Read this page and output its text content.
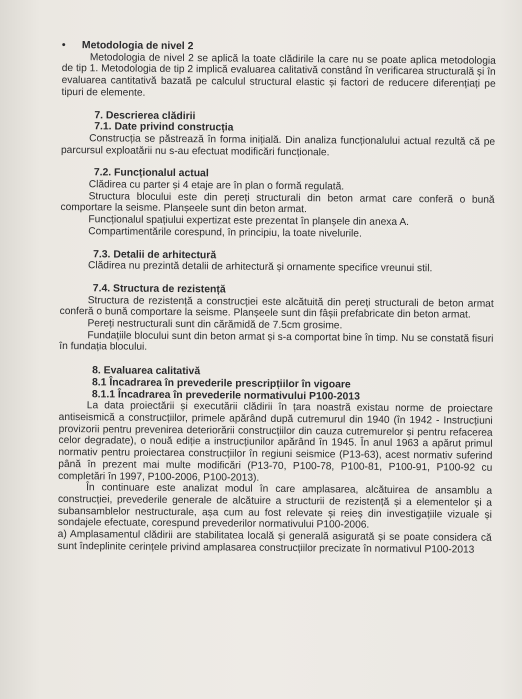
• Metodologia de nivel 2

Metodologia de nivel 2 se aplică la toate clădirile la care nu se poate aplica metodologia de tip 1. Metodologia de tip 2 implică evaluarea calitativă constând în verificarea structurală și în evaluarea cantitativă bazată pe calculul structural elastic și factori de reducere diferențiați pe tipuri de elemente.

7. Descrierea clădirii

7.1. Date privind construcția

Construcția se păstrează în forma inițială. Din analiza funcționalului actual rezultă că pe parcursul exploatării nu s-au efectuat modificări funcționale.

7.2. Funcționalul actual

Clădirea cu parter și 4 etaje are în plan o formă regulată.

Structura blocului este din pereți structurali din beton armat care conferă o bună comportare la seisme. Planșeele sunt din beton armat.

Funcționalul spațiului expertizat este prezentat în planșele din anexa A.

Compartimentările corespund, în principiu, la toate nivelurile.

7.3. Detalii de arhitectură

Clădirea nu prezintă detalii de arhitectură și ornamente specifice vreunui stil.

7.4. Structura de rezistență

Structura de rezistență a construcției este alcătuită din pereți structurali de beton armat conferă o bună comportare la seisme. Planșeele sunt din fâșii prefabricate din beton armat.

Pereți nestructurali sunt din cărămidă de 7.5cm grosime.

Fundațiile blocului sunt din beton armat și s-a comportat bine în timp. Nu se constată fisuri în fundația blocului.

8. Evaluarea calitativă

8.1 Încadrarea în prevederile prescripțiilor în vigoare

8.1.1 Încadrarea în prevederile normativului P100-2013

La data proiectării și executării clădirii în țara noastră existau norme de proiectare antiseismică a construcțiilor, primele apărând după cutremurul din 1940 (în 1942 - Instrucțiuni provizorii pentru prevenirea deteriorării construcțiilor din cauza cutremurelor și pentru refacerea celor degradate), o nouă ediție a instrucțiunilor apărând în 1945. În anul 1963 a apărut primul normativ pentru proiectarea construcțiilor în regiuni seismice (P13-63), acest normativ suferind până în prezent mai multe modificări (P13-70, P100-78, P100-81, P100-91, P100-92 cu completări în 1997, P100-2006, P100-2013).

În continuare este analizat modul în care amplasarea, alcătuirea de ansamblu a construcției, prevederile generale de alcătuire a structurii de rezistență și a elementelor și a subansamblelor nestructurale, așa cum au fost relevate și reieș din investigațiile vizuale și sondajele efectuate, corespund prevederilor normativului P100-2006.

a) Amplasamentul clădirii are stabilitatea locală și generală asigurată și se poate considera că sunt îndeplinite cerințele privind amplasarea construcțiilor precizate în normativul P100-2013
